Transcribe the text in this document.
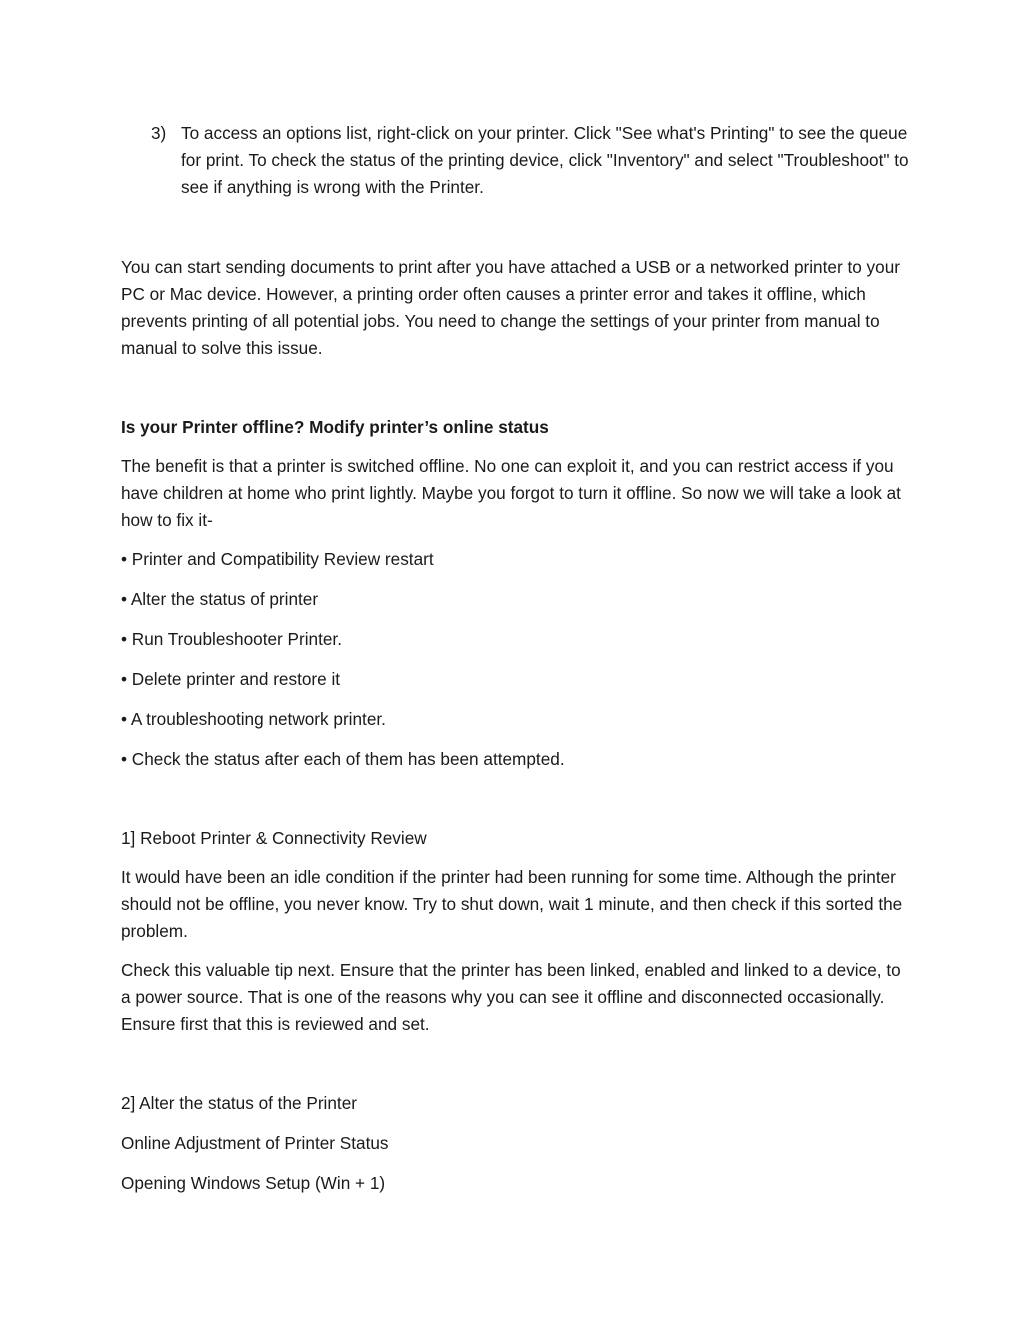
3) To access an options list, right-click on your printer. Click "See what's Printing" to see the queue for print. To check the status of the printing device, click "Inventory" and select "Troubleshoot" to see if anything is wrong with the Printer.

You can start sending documents to print after you have attached a USB or a networked printer to your PC or Mac device. However, a printing order often causes a printer error and takes it offline, which prevents printing of all potential jobs. You need to change the settings of your printer from manual to manual to solve this issue.

Is your Printer offline? Modify printer’s online status

The benefit is that a printer is switched offline. No one can exploit it, and you can restrict access if you have children at home who print lightly. Maybe you forgot to turn it offline. So now we will take a look at how to fix it-

• Printer and Compatibility Review restart

• Alter the status of printer

• Run Troubleshooter Printer.

• Delete printer and restore it

• A troubleshooting network printer.

• Check the status after each of them has been attempted.

1] Reboot Printer & Connectivity Review

It would have been an idle condition if the printer had been running for some time. Although the printer should not be offline, you never know. Try to shut down, wait 1 minute, and then check if this sorted the problem.

Check this valuable tip next. Ensure that the printer has been linked, enabled and linked to a device, to a power source. That is one of the reasons why you can see it offline and disconnected occasionally. Ensure first that this is reviewed and set.

2] Alter the status of the Printer

Online Adjustment of Printer Status

Opening Windows Setup (Win + 1)
